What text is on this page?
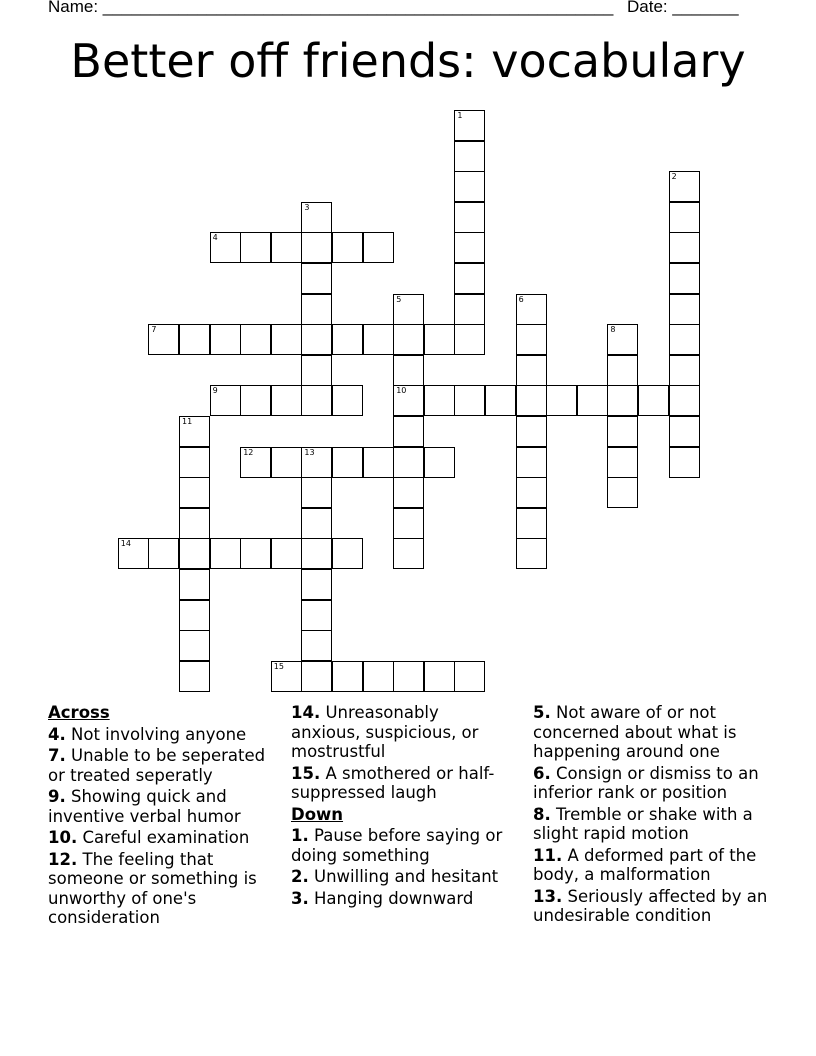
Name: ______________________________________________________ Date: _______
Better off friends: vocabulary
4
7
9	10
12	13
14
15
1
2
3
5	6
8
11
Across
4. Not involving anyone
7. Unable to be seperated or treated seperatly
9. Showing quick and inventive verbal humor
10. Careful examination
12. The feeling that someone or something is unworthy of one's consideration
14. Unreasonably anxious, suspicious, or mostrustful
15. A smothered or half-suppressed laugh
Down
1. Pause before saying or doing something
2. Unwilling and hesitant
3. Hanging downward
5. Not aware of or not concerned about what is happening around one
6. Consign or dismiss to an inferior rank or position
8. Tremble or shake with a slight rapid motion
11. A deformed part of the body, a malformation
13. Seriously affected by an undesirable condition
